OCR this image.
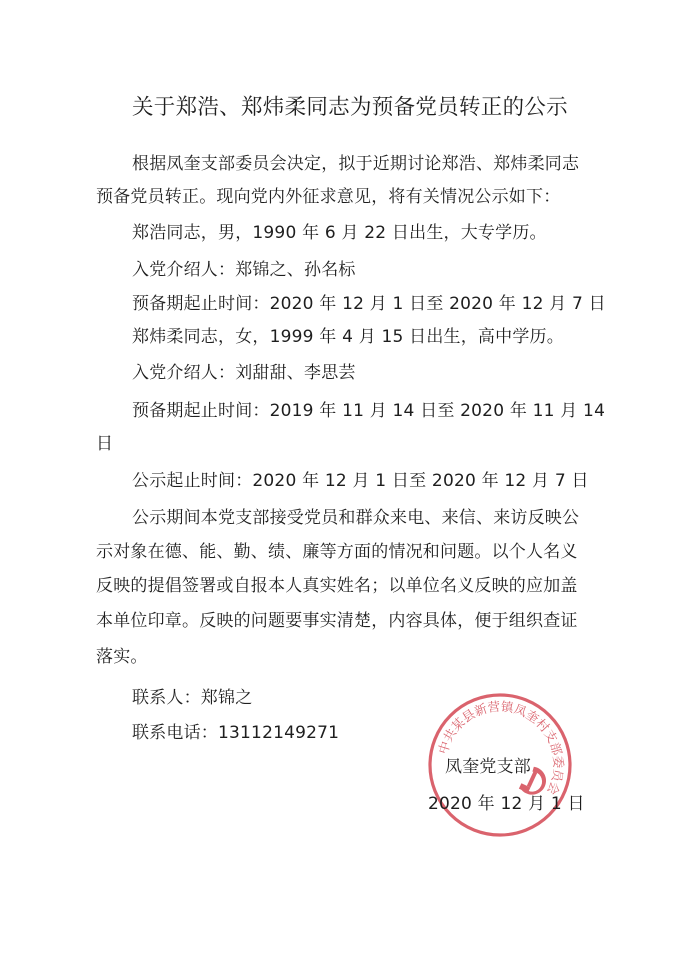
关于郑浩、郑炜柔同志为预备党员转正的公示
根据凤奎支部委员会决定，拟于近期讨论郑浩、郑炜柔同志
预备党员转正。现向党内外征求意见，将有关情况公示如下：
郑浩同志，男，1990 年 6 月 22 日出生，大专学历。
入党介绍人：郑锦之、孙名标
预备期起止时间：2020 年 12 月 1 日至 2020 年 12 月 7 日
郑炜柔同志，女，1999 年 4 月 15 日出生，高中学历。
入党介绍人：刘甜甜、李思芸
预备期起止时间：2019 年 11 月 14 日至 2020 年 11 月 14
日
公示起止时间：2020 年 12 月 1 日至 2020 年 12 月 7 日
公示期间本党支部接受党员和群众来电、来信、来访反映公
示对象在德、能、勤、绩、廉等方面的情况和问题。以个人名义
反映的提倡签署或自报本人真实姓名；以单位名义反映的应加盖
本单位印章。反映的问题要事实清楚，内容具体，便于组织查证
落实。
联系人：郑锦之
联系电话：13112149271
中共某县新营镇凤奎村支部委员会
凤奎党支部
2020 年 12 月 1 日
